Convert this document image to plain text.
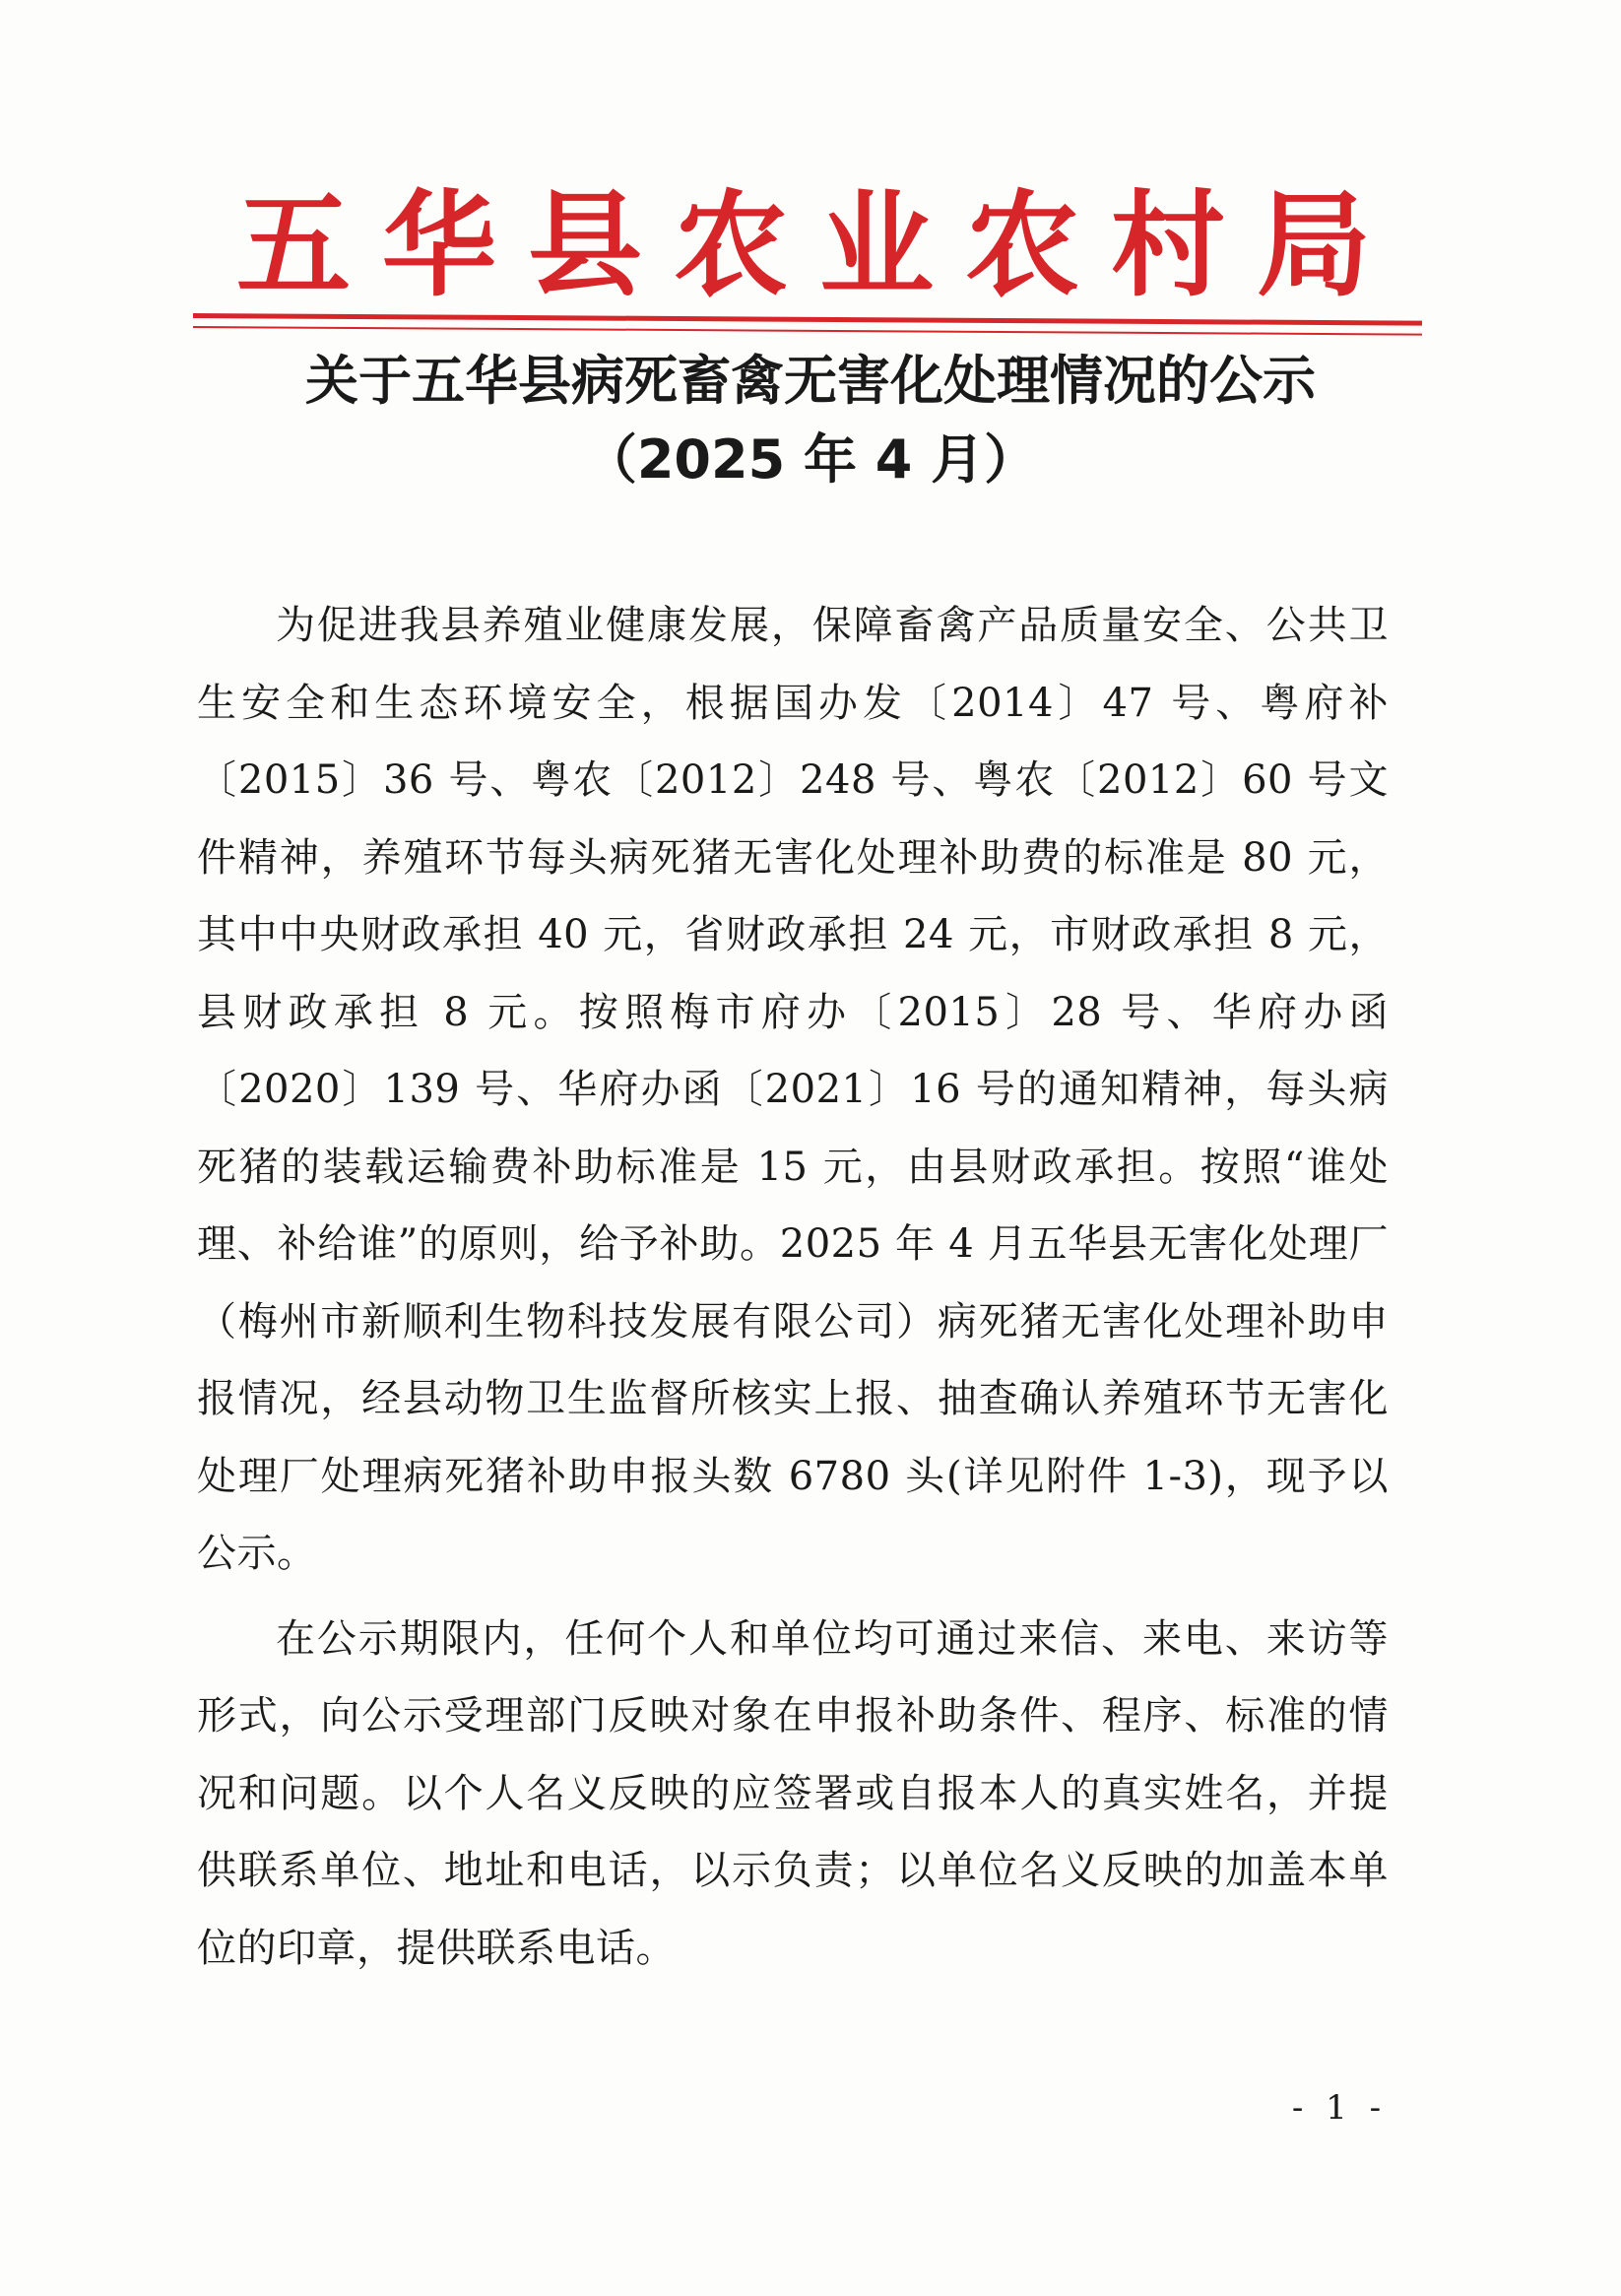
五华县农业农村局
关于五华县病死畜禽无害化处理情况的公示
（2025 年 4 月）

为促进我县养殖业健康发展，保障畜禽产品质量安全、公共卫生安全和生态环境安全，根据国办发〔2014〕47 号、粤府补〔2015〕36 号、粤农〔2012〕248 号、粤农〔2012〕60 号文件精神，养殖环节每头病死猪无害化处理补助费的标准是 80 元，其中中央财政承担 40 元，省财政承担 24 元，市财政承担 8 元，县财政承担 8 元。按照梅市府办〔2015〕28 号、华府办函〔2020〕139 号、华府办函〔2021〕16 号的通知精神，每头病死猪的装载运输费补助标准是 15 元，由县财政承担。按照“谁处理、补给谁”的原则，给予补助。2025 年 4 月五华县无害化处理厂（梅州市新顺利生物科技发展有限公司）病死猪无害化处理补助申报情况，经县动物卫生监督所核实上报、抽查确认养殖环节无害化处理厂处理病死猪补助申报头数 6780 头(详见附件 1-3)，现予以公示。

在公示期限内，任何个人和单位均可通过来信、来电、来访等形式，向公示受理部门反映对象在申报补助条件、程序、标准的情况和问题。以个人名义反映的应签署或自报本人的真实姓名，并提供联系单位、地址和电话，以示负责；以单位名义反映的加盖本单位的印章，提供联系电话。

- 1 -
